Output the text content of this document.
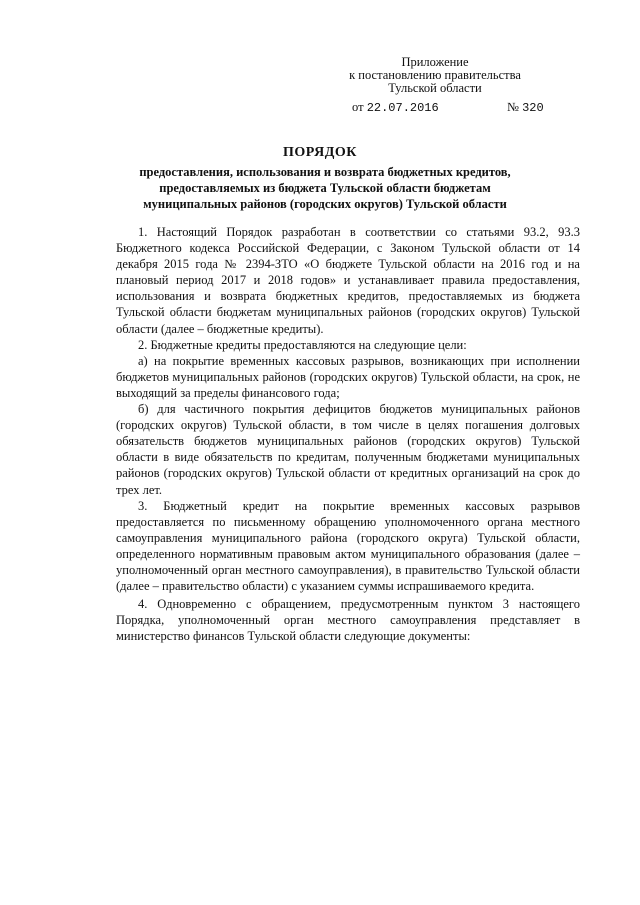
Приложение
к постановлению правительства
Тульской области
от 22.07.2016	№ 320
ПОРЯДОК
предоставления, использования и возврата бюджетных кредитов,
предоставляемых из бюджета Тульской области бюджетам
муниципальных районов (городских округов) Тульской области

1. Настоящий Порядок разработан в соответствии со статьями 93.2, 93.3 Бюджетного кодекса Российской Федерации, с Законом Тульской области от 14 декабря 2015 года № 2394-ЗТО «О бюджете Тульской области на 2016 год и на плановый период 2017 и 2018 годов» и устанавливает правила предоставления, использования и возврата бюджетных кредитов, предоставляемых из бюджета Тульской области бюджетам муниципальных районов (городских округов) Тульской области (далее – бюджетные кредиты).

2. Бюджетные кредиты предоставляются на следующие цели:

а) на покрытие временных кассовых разрывов, возникающих при исполнении бюджетов муниципальных районов (городских округов) Тульской области, на срок, не выходящий за пределы финансового года;

б) для частичного покрытия дефицитов бюджетов муниципальных районов (городских округов) Тульской области, в том числе в целях погашения долговых обязательств бюджетов муниципальных районов (городских округов) Тульской области в виде обязательств по кредитам, полученным бюджетами муниципальных районов (городских округов) Тульской области от кредитных организаций на срок до трех лет.

3. Бюджетный кредит на покрытие временных кассовых разрывов предоставляется по письменному обращению уполномоченного органа местного самоуправления муниципального района (городского округа) Тульской области, определенного нормативным правовым актом муниципального образования (далее – уполномоченный орган местного самоуправления), в правительство Тульской области (далее – правительство области) с указанием суммы испрашиваемого кредита.

4. Одновременно с обращением, предусмотренным пунктом 3 настоящего Порядка, уполномоченный орган местного самоуправления представляет в министерство финансов Тульской области следующие документы:
